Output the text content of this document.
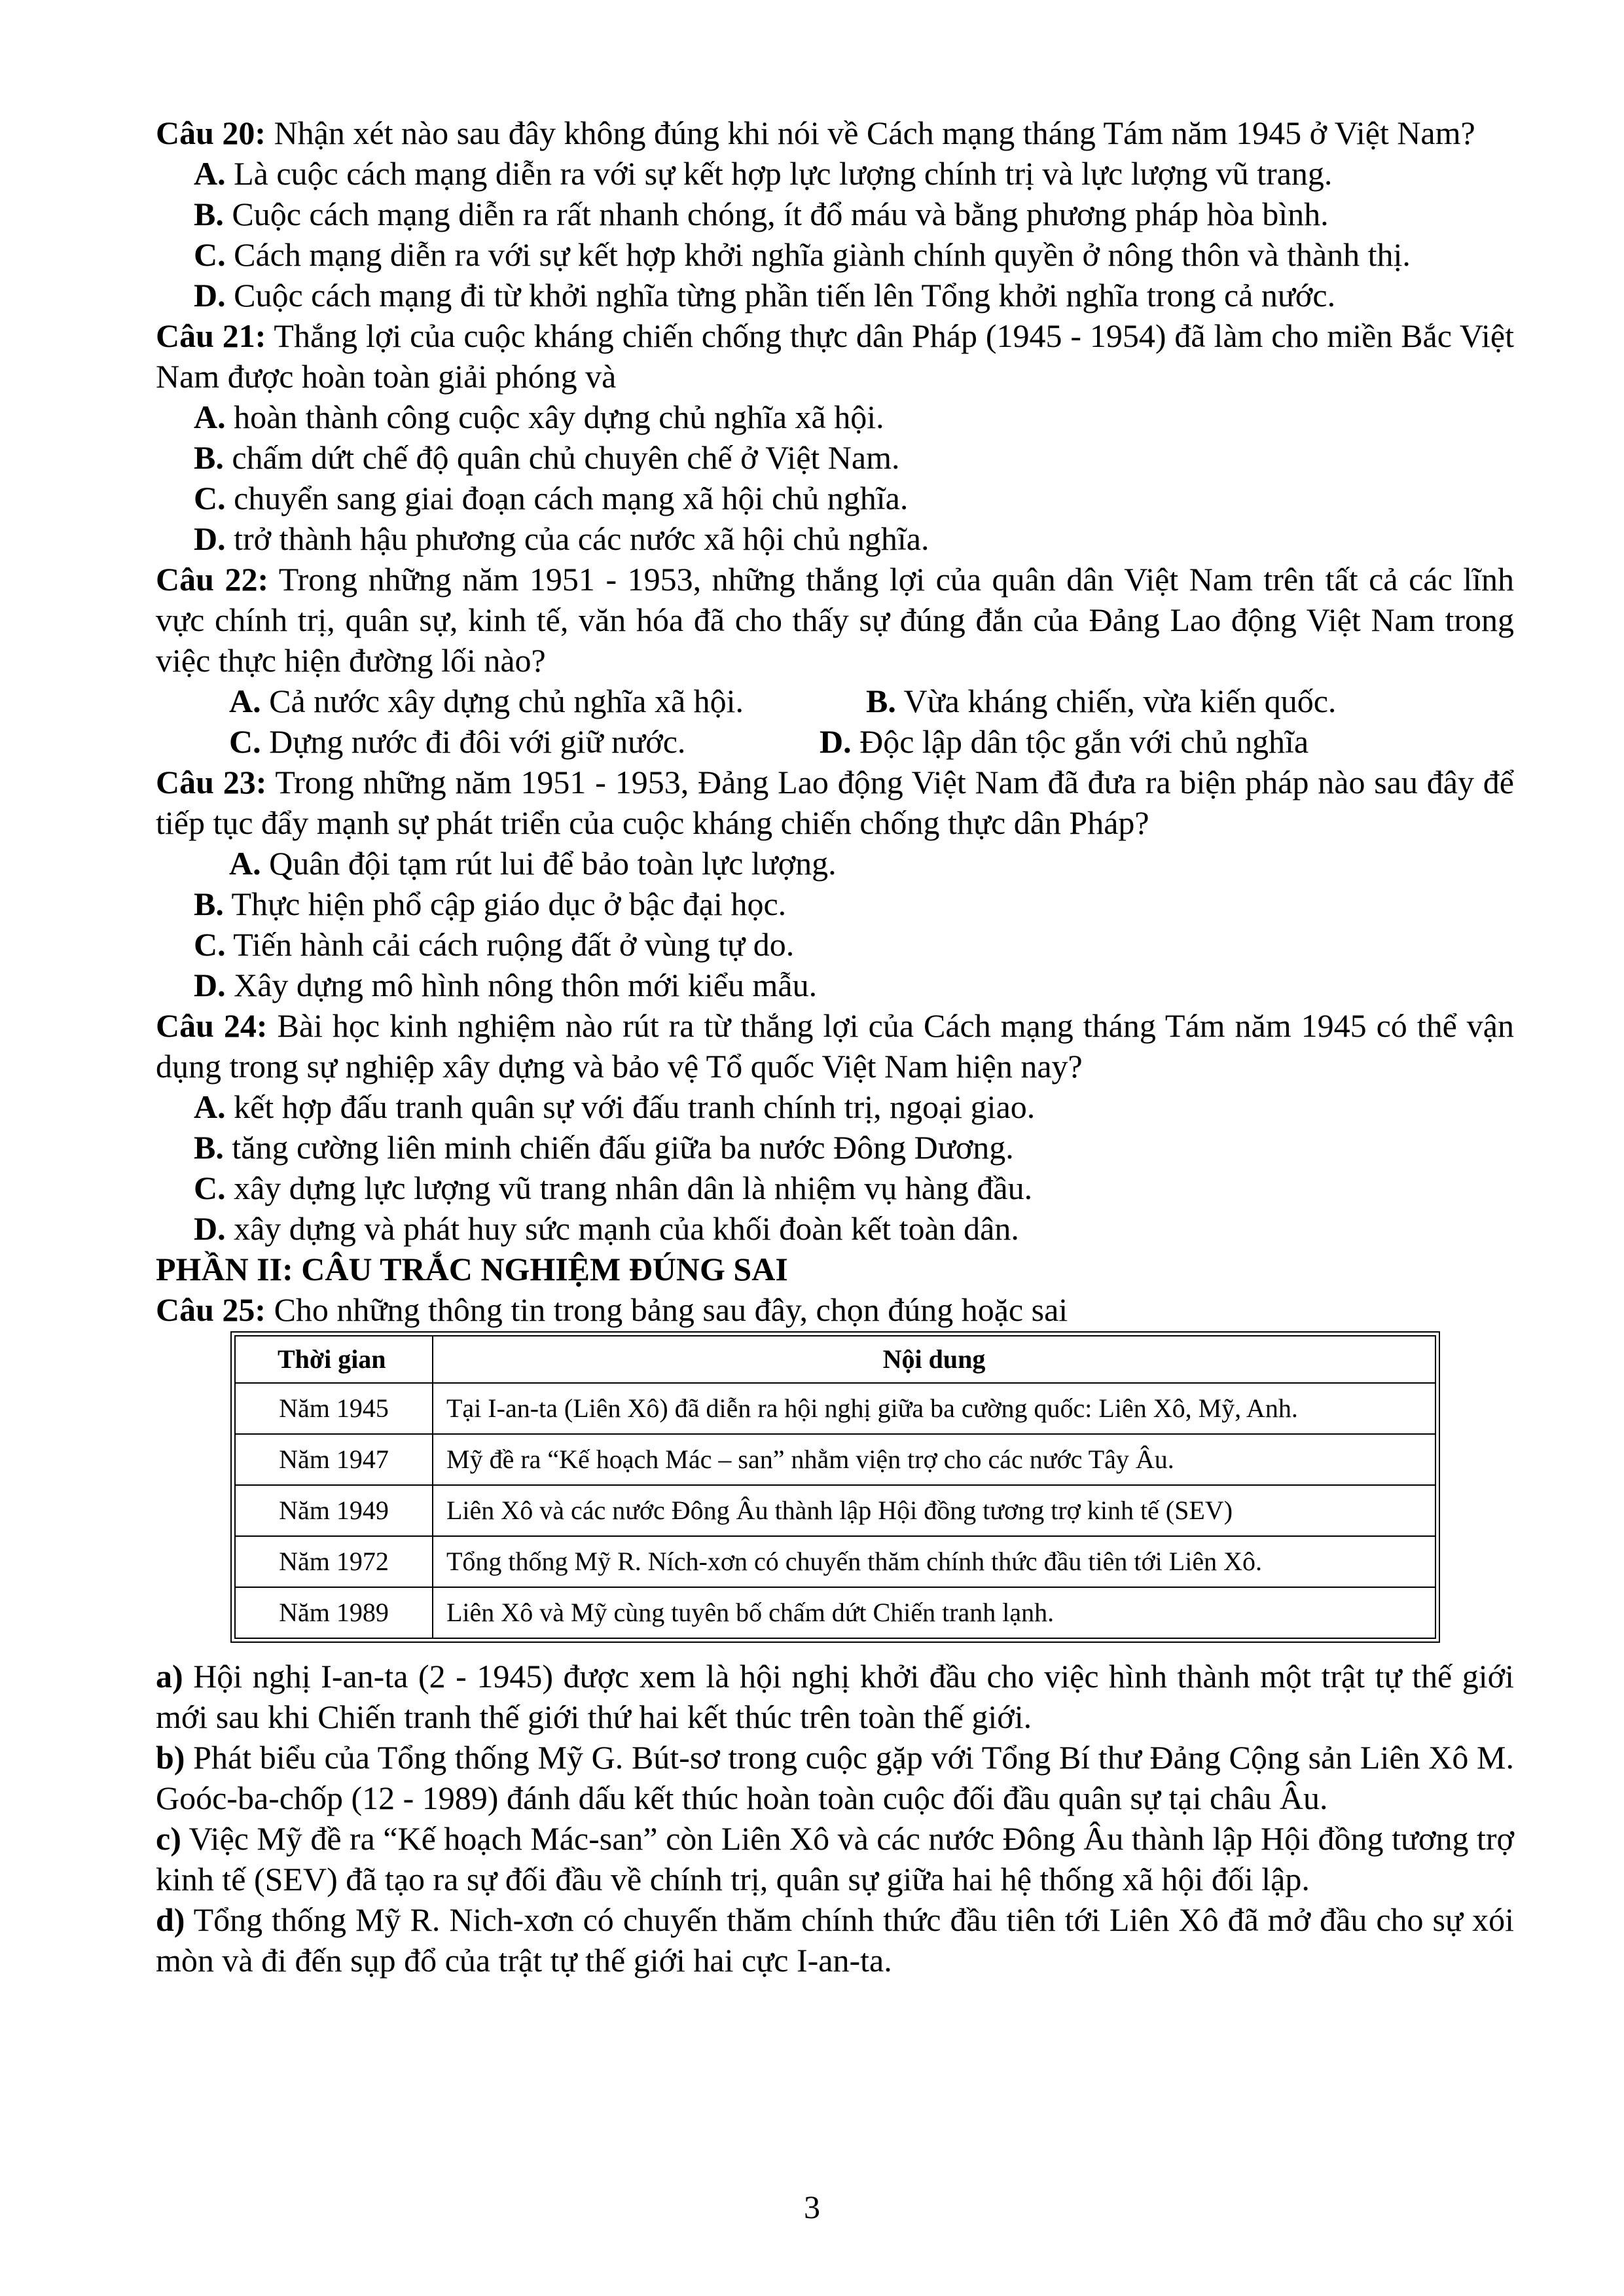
Câu 20: Nhận xét nào sau đây không đúng khi nói về Cách mạng tháng Tám năm 1945 ở Việt Nam?

A. Là cuộc cách mạng diễn ra với sự kết hợp lực lượng chính trị và lực lượng vũ trang.

B. Cuộc cách mạng diễn ra rất nhanh chóng, ít đổ máu và bằng phương pháp hòa bình.

C. Cách mạng diễn ra với sự kết hợp khởi nghĩa giành chính quyền ở nông thôn và thành thị.

D. Cuộc cách mạng đi từ khởi nghĩa từng phần tiến lên Tổng khởi nghĩa trong cả nước.

Câu 21: Thắng lợi của cuộc kháng chiến chống thực dân Pháp (1945 - 1954) đã làm cho miền Bắc Việt Nam được hoàn toàn giải phóng và

A. hoàn thành công cuộc xây dựng chủ nghĩa xã hội.

B. chấm dứt chế độ quân chủ chuyên chế ở Việt Nam.

C. chuyển sang giai đoạn cách mạng xã hội chủ nghĩa.

D. trở thành hậu phương của các nước xã hội chủ nghĩa.

Câu 22: Trong những năm 1951 - 1953, những thắng lợi của quân dân Việt Nam trên tất cả các lĩnh vực chính trị, quân sự, kinh tế, văn hóa đã cho thấy sự đúng đắn của Đảng Lao động Việt Nam trong việc thực hiện đường lối nào?

A. Cả nước xây dựng chủ nghĩa xã hội.	B. Vừa kháng chiến, vừa kiến quốc.

C. Dựng nước đi đôi với giữ nước.	D. Độc lập dân tộc gắn với chủ nghĩa

Câu 23: Trong những năm 1951 - 1953, Đảng Lao động Việt Nam đã đưa ra biện pháp nào sau đây để tiếp tục đẩy mạnh sự phát triển của cuộc kháng chiến chống thực dân Pháp?

A. Quân đội tạm rút lui để bảo toàn lực lượng.

B. Thực hiện phổ cập giáo dục ở bậc đại học.

C. Tiến hành cải cách ruộng đất ở vùng tự do.

D. Xây dựng mô hình nông thôn mới kiểu mẫu.

Câu 24: Bài học kinh nghiệm nào rút ra từ thắng lợi của Cách mạng tháng Tám năm 1945 có thể vận dụng trong sự nghiệp xây dựng và bảo vệ Tổ quốc Việt Nam hiện nay?

A. kết hợp đấu tranh quân sự với đấu tranh chính trị, ngoại giao.

B. tăng cường liên minh chiến đấu giữa ba nước Đông Dương.

C. xây dựng lực lượng vũ trang nhân dân là nhiệm vụ hàng đầu.

D. xây dựng và phát huy sức mạnh của khối đoàn kết toàn dân.

PHẦN II: CÂU TRẮC NGHIỆM ĐÚNG SAI

Câu 25: Cho những thông tin trong bảng sau đây, chọn đúng hoặc sai

Thời gian	Nội dung
Năm 1945	Tại I-an-ta (Liên Xô) đã diễn ra hội nghị giữa ba cường quốc: Liên Xô, Mỹ, Anh.
Năm 1947	Mỹ đề ra “Kế hoạch Mác – san” nhằm viện trợ cho các nước Tây Âu.
Năm 1949	Liên Xô và các nước Đông Âu thành lập Hội đồng tương trợ kinh tế (SEV)
Năm 1972	Tổng thống Mỹ R. Ních-xơn có chuyến thăm chính thức đầu tiên tới Liên Xô.
Năm 1989	Liên Xô và Mỹ cùng tuyên bố chấm dứt Chiến tranh lạnh.

a) Hội nghị I-an-ta (2 - 1945) được xem là hội nghị khởi đầu cho việc hình thành một trật tự thế giới mới sau khi Chiến tranh thế giới thứ hai kết thúc trên toàn thế giới.

b) Phát biểu của Tổng thống Mỹ G. Bút-sơ trong cuộc gặp với Tổng Bí thư Đảng Cộng sản Liên Xô M. Goóc-ba-chốp (12 - 1989) đánh dấu kết thúc hoàn toàn cuộc đối đầu quân sự tại châu Âu.

c) Việc Mỹ đề ra “Kế hoạch Mác-san” còn Liên Xô và các nước Đông Âu thành lập Hội đồng tương trợ kinh tế (SEV) đã tạo ra sự đối đầu về chính trị, quân sự giữa hai hệ thống xã hội đối lập.

d) Tổng thống Mỹ R. Nich-xơn có chuyến thăm chính thức đầu tiên tới Liên Xô đã mở đầu cho sự xói mòn và đi đến sụp đổ của trật tự thế giới hai cực I-an-ta.

3
